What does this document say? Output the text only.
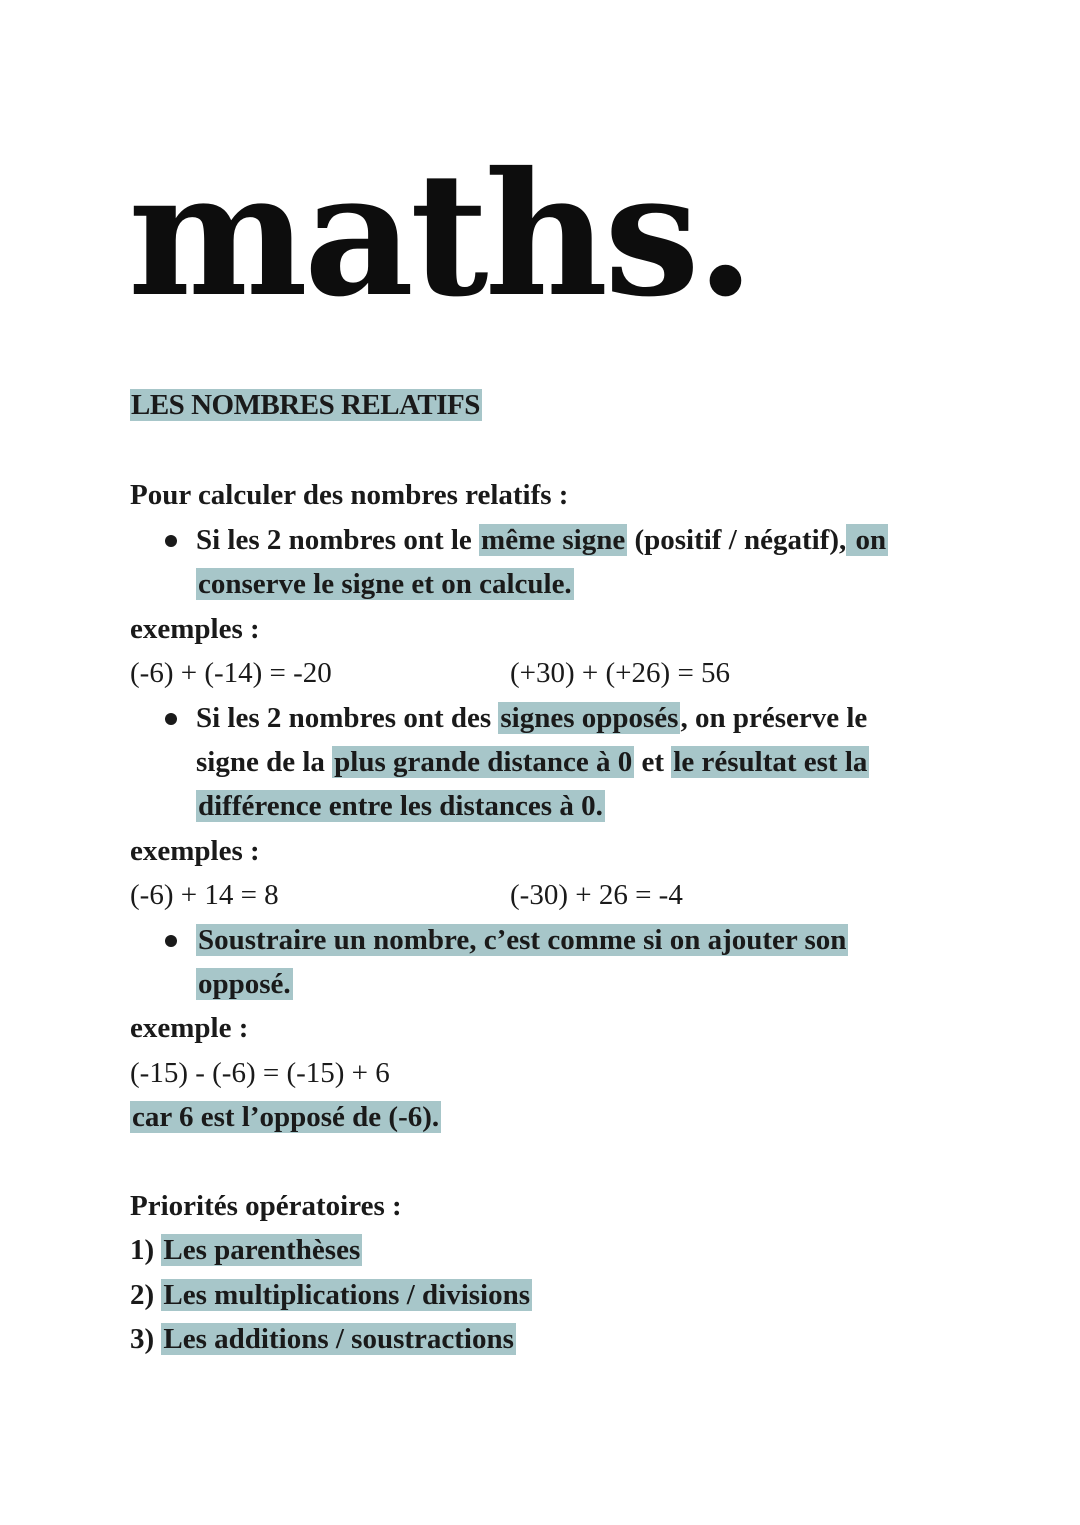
maths.
LES NOMBRES RELATIFS

Pour calculer des nombres relatifs :

Si les 2 nombres ont le même signe (positif / négatif), on

conserve le signe et on calcule.

exemples :

(-6) + (-14) = -20	(+30) + (+26) = 56

Si les 2 nombres ont des signes opposés, on préserve le

signe de la plus grande distance à 0 et le résultat est la

différence entre les distances à 0.

exemples :

(-6) + 14 = 8	(-30) + 26 = -4

Soustraire un nombre, c’est comme si on ajouter son

opposé.

exemple :

(-15) - (-6) = (-15) + 6

car 6 est l’opposé de (-6).

Priorités opératoires :

1) Les parenthèses

2) Les multiplications / divisions

3) Les additions / soustractions
